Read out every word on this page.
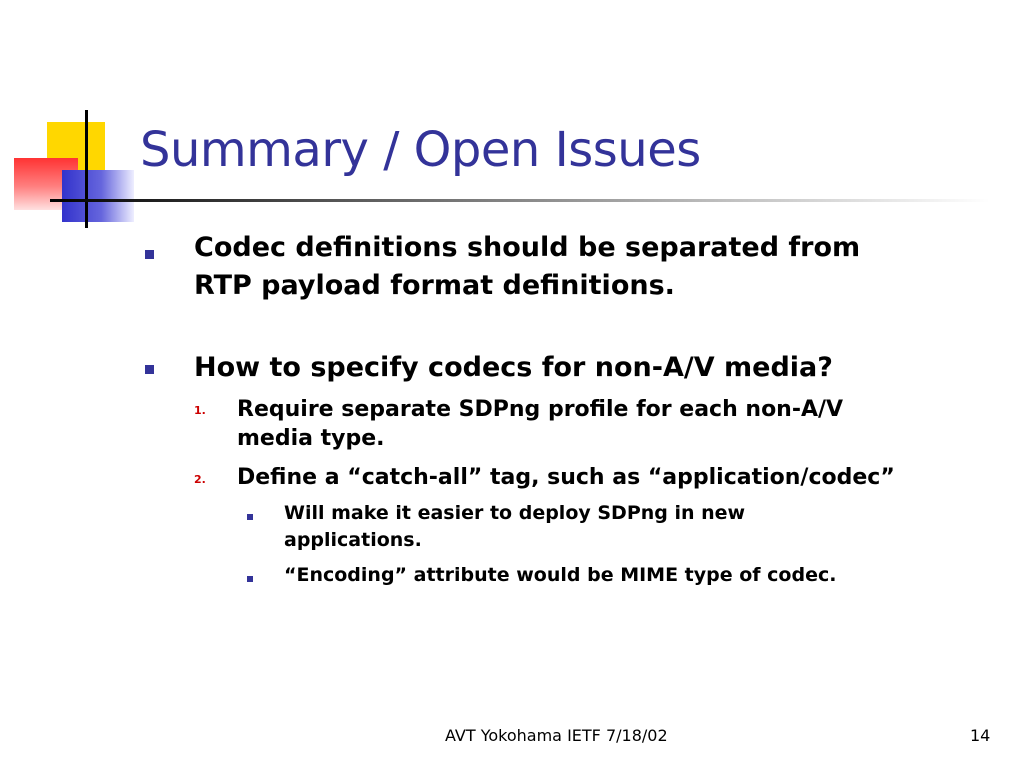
Summary / Open Issues
Codec definitions should be separated from
RTP payload format definitions.
How to specify codecs for non-A/V media?
1. Require separate SDPng profile for each non-A/V
media type.
2. Define a “catch-all” tag, such as “application/codec”
Will make it easier to deploy SDPng in new
applications.
“Encoding” attribute would be MIME type of codec.
AVT Yokohama IETF 7/18/02	14
